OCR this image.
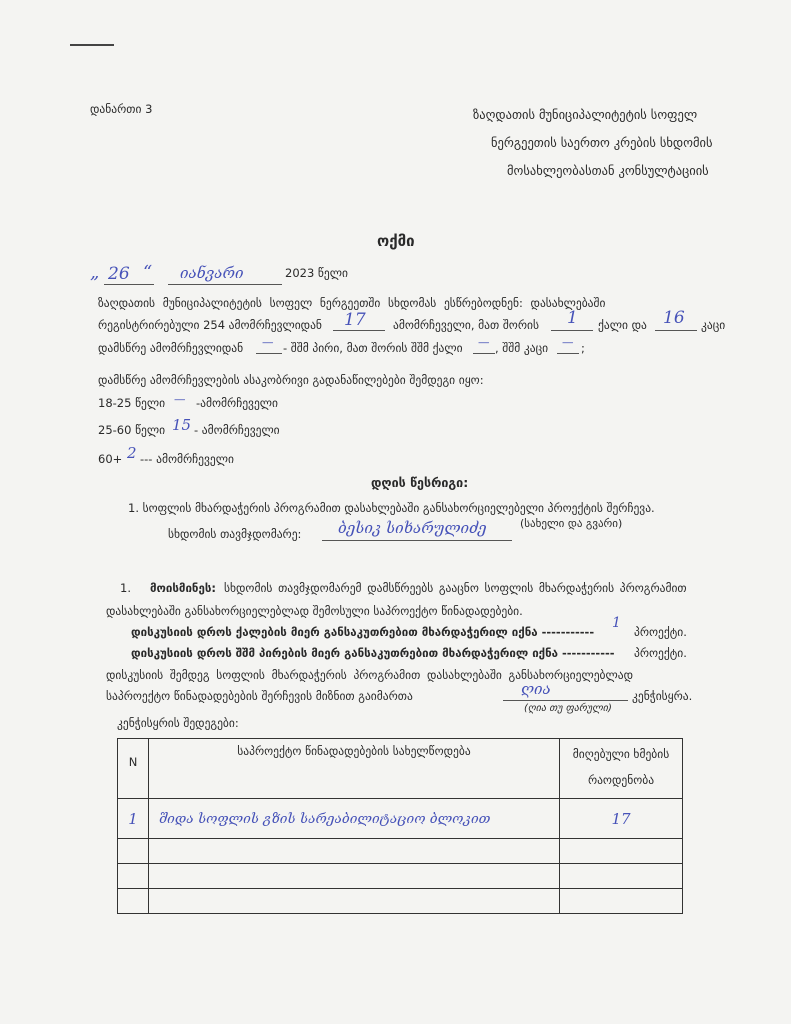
დანართი 3	ზაღდათის მუნიციპალიტეტის სოფელ
ნერგეეთის საერთო კრების სხდომის
მოსახლეობასთან კონსულტაციის
ოქმი
„ 26 “ იანვარი	2023 წელი
ზაღდათის მუნიციპალიტეტის სოფელ ნერგეეთში სხდომას ესწრებოდნენ: დასახლებაში
რეგისტრირებული 254 ამომრჩევლიდან 17 ამომრჩეველი, მათ შორის 1 ქალი და 16 კაცი
დამსწრე ამომრჩევლიდან — - შშმ პირი, მათ შორის შშმ ქალი — , შშმ კაცი — ;
დამსწრე ამომრჩევლების ასაკობრივი გადანაწილებები შემდეგი იყო:
18-25 წელი — -ამომრჩეველი
25-60 წელი 15 - ამომრჩეველი
60+ 2 --- ამომრჩეველი
დღის წესრიგი:
1. სოფლის მხარდაჭერის პროგრამით დასახლებაში განსახორციელებელი პროექტის შერჩევა.
სხდომის თავმჯდომარე: ბესიკ სიხარულიძე	(სახელი და გვარი)
1. მოისმინეს: სხდომის თავმჯდომარემ დამსწრეებს გააცნო სოფლის მხარდაჭერის პროგრამით
დასახლებაში განსახორციელებლად შემოსული საპროექტო წინადადებები.
დისკუსიის დროს ქალების მიერ განსაკუთრებით მხარდაჭერილ იქნა -----------
1
პროექტი.
დისკუსიის დროს შშმ პირების მიერ განსაკუთრებით მხარდაჭერილ იქნა ----------- პროექტი.
დისკუსიის შემდეგ სოფლის მხარდაჭერის პროგრამით დასახლებაში განსახორციელებლად
საპროექტო წინადადებების შერჩევის მიზნით გაიმართა	ღია	კენჭისყრა.
(ღია თუ ფარული)
კენჭისყრის შედეგები:
N	საპროექტო წინადადებების სახელწოდება	მიღებული ხმების
რაოდენობა

1	შიდა სოფლის გზის სარეაბილიტაციო ბლოკით	17
